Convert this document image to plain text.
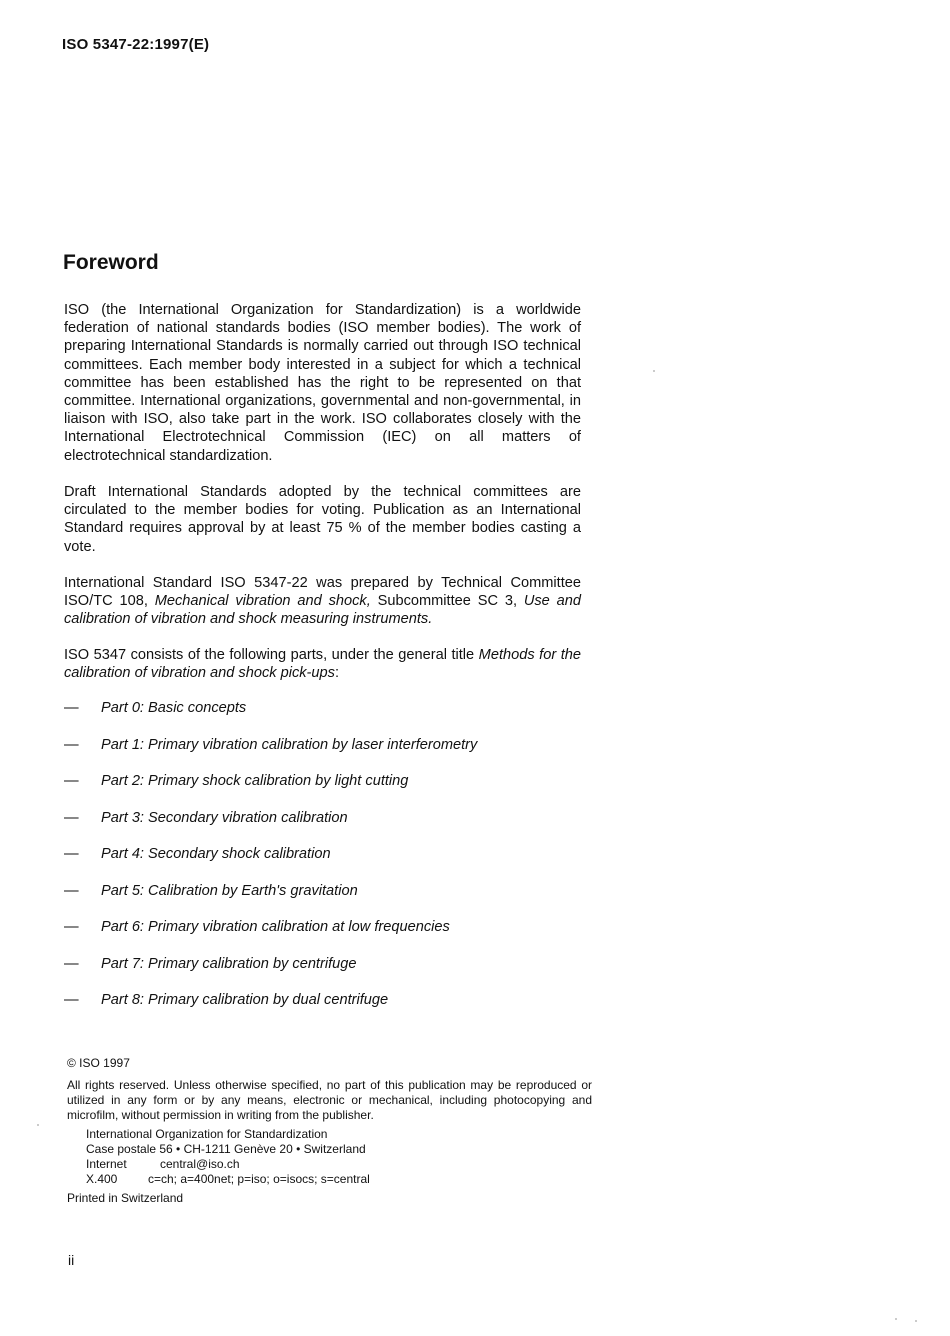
ISO 5347-22:1997(E)
Foreword

ISO (the International Organization for Standardization) is a worldwide federation of national standards bodies (ISO member bodies). The work of preparing International Standards is normally carried out through ISO technical committees. Each member body interested in a subject for which a technical committee has been established has the right to be represented on that committee. International organizations, governmental and non-governmental, in liaison with ISO, also take part in the work. ISO collaborates closely with the International Electrotechnical Commission (IEC) on all matters of electrotechnical standardization.

Draft International Standards adopted by the technical committees are circulated to the member bodies for voting. Publication as an International Standard requires approval by at least 75 % of the member bodies casting a vote.

International Standard ISO 5347-22 was prepared by Technical Committee ISO/TC 108, Mechanical vibration and shock, Subcommittee SC 3, Use and calibration of vibration and shock measuring instruments.

ISO 5347 consists of the following parts, under the general title Methods for the calibration of vibration and shock pick-ups:

— Part 0: Basic concepts
— Part 1: Primary vibration calibration by laser interferometry
— Part 2: Primary shock calibration by light cutting
— Part 3: Secondary vibration calibration
— Part 4: Secondary shock calibration
— Part 5: Calibration by Earth's gravitation
— Part 6: Primary vibration calibration at low frequencies
— Part 7: Primary calibration by centrifuge
— Part 8: Primary calibration by dual centrifuge

© ISO 1997

All rights reserved. Unless otherwise specified, no part of this publication may be reproduced or utilized in any form or by any means, electronic or mechanical, including photocopying and microfilm, without permission in writing from the publisher.

International Organization for Standardization

Case postale 56 • CH-1211 Genève 20 • Switzerland

Internet	central@iso.ch

X.400	c=ch; a=400net; p=iso; o=isocs; s=central

Printed in Switzerland

ii
